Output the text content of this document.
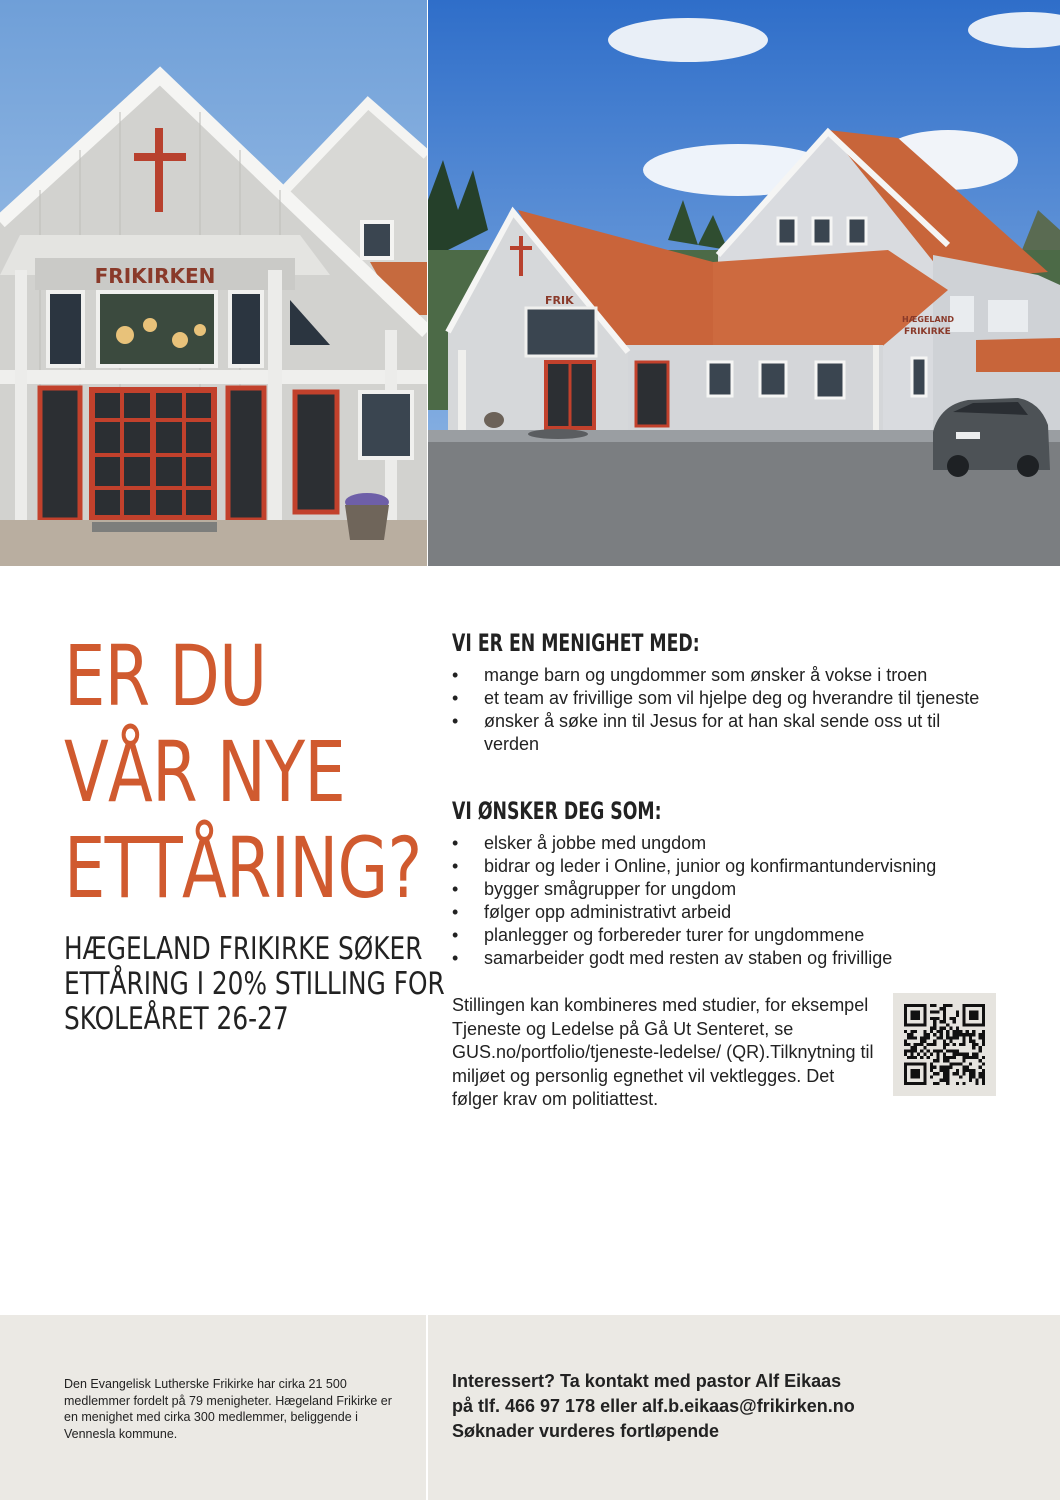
FRIKIRKEN
FRIK
HÆGELAND
FRIKIRKE
ER DU
VÅR NYE
ETTÅRING?
HÆGELAND FRIKIRKE SØKER
ETTÅRING I 20% STILLING FOR
SKOLEÅRET 26-27
VI ER EN MENIGHET MED:
• mange barn og ungdommer som ønsker å vokse i troen
• et team av frivillige som vil hjelpe deg og hverandre til tjeneste
• ønsker å søke inn til Jesus for at han skal sende oss ut til verden
VI ØNSKER DEG SOM:
• elsker å jobbe med ungdom
• bidrar og leder i Online, junior og konfirmantundervisning
• bygger smågrupper for ungdom
• følger opp administrativt arbeid
• planlegger og forbereder turer for ungdommene
• samarbeider godt med resten av staben og frivillige

Stillingen kan kombineres med studier, for eksempel Tjeneste og Ledelse på Gå Ut Senteret, se GUS.no/portfolio/tjeneste-ledelse/ (QR).Tilknytning til miljøet og personlig egnethet vil vektlegges. Det følger krav om politiattest.

Den Evangelisk Lutherske Frikirke har cirka 21 500 medlemmer fordelt på 79 menigheter. Hægeland Frikirke er en menighet med cirka 300 medlemmer, beliggende i Vennesla kommune.

Interessert? Ta kontakt med pastor Alf Eikaas
på tlf. 466 97 178 eller alf.b.eikaas@frikirken.no
Søknader vurderes fortløpende
